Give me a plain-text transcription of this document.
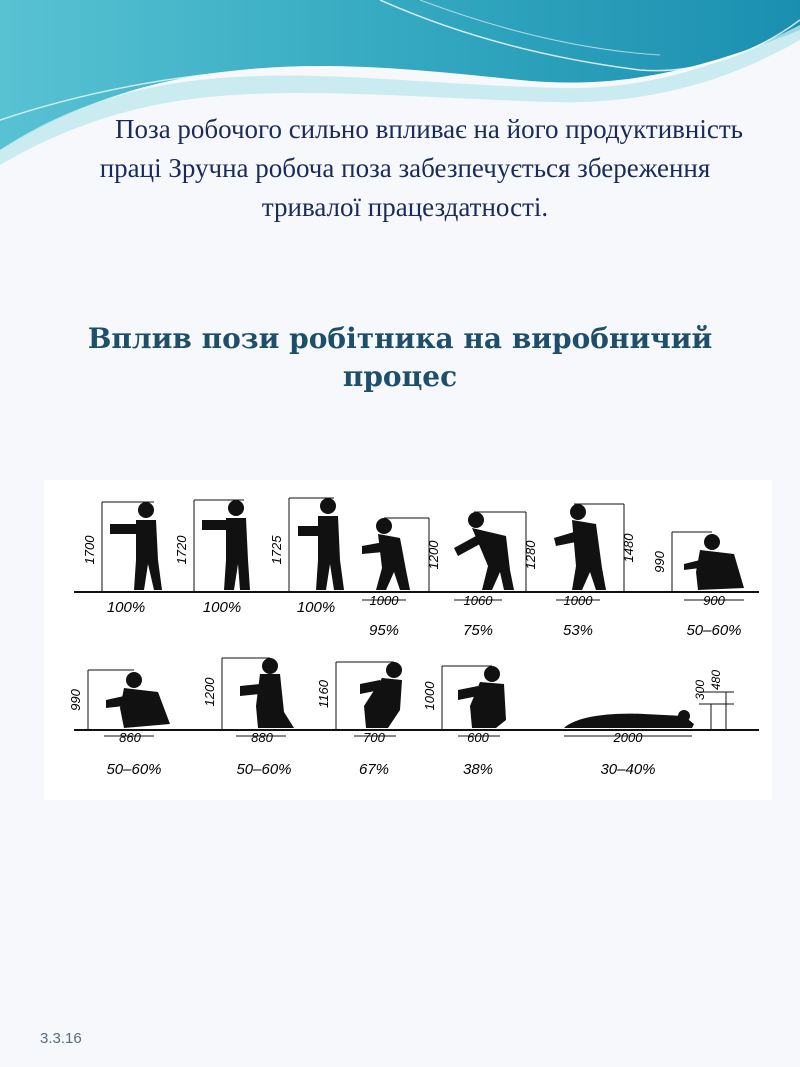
Поза робочого сильно впливає на його продуктивність праці Зручна робоча поза забезпечується збереження тривалої працездатності.
Вплив пози робітника на виробничий процес
1700
100%
1720
100%
1725
100%
1200
1000
95%
1280
1060
75%
1480
1000
53%
990
900
50–60%
990
860
50–60%
1200
880
50–60%
1160
700
67%
1000
600
38%
300 480
2000
30–40%
3.3.16
